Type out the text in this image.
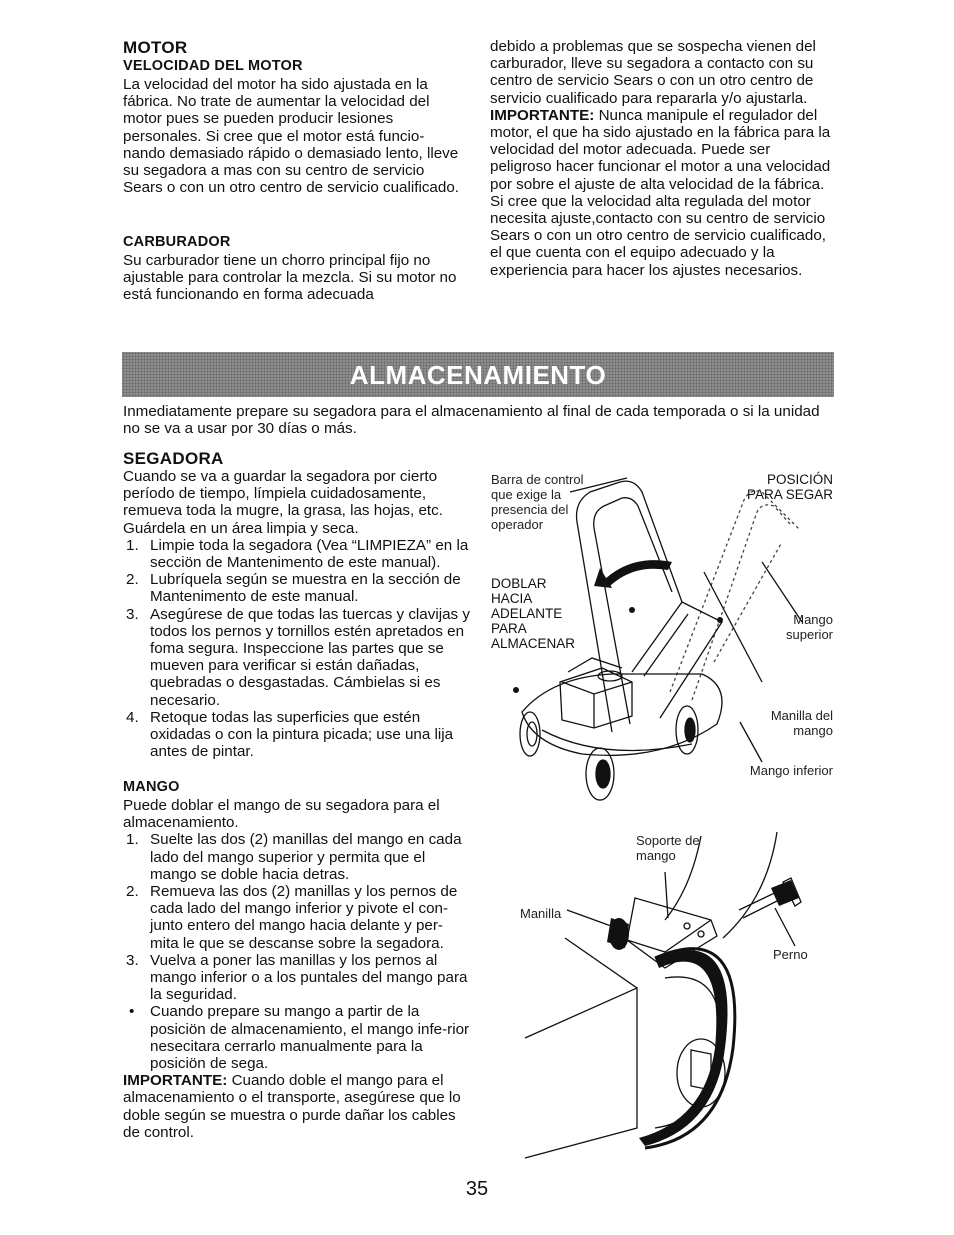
MOTOR
VELOCIDAD DEL MOTOR
La velocidad del motor ha sido ajustada en la fábrica. No trate de aumentar la velocidad del motor pues se pueden producir lesiones personales. Si cree que el motor está funcio-nando demasiado rápido o demasiado lento, lleve su segadora a mas con su centro de servicio Sears o con un otro centro de servicio cualificado.
CARBURADOR
Su carburador tiene un chorro principal fijo no ajustable para controlar la mezcla. Si su motor no está funcionando en forma adecuada
debido a problemas que se sospecha vienen del carburador, lleve su segadora a contacto con su centro de servicio Sears o con un otro centro de servicio cualificado para repararla y/o ajustarla.
IMPORTANTE: Nunca manipule el regulador del motor, el que ha sido ajustado en la fábrica para la velocidad del motor adecuada. Puede ser peligroso hacer funcionar el motor a una velocidad por sobre el ajuste de alta velocidad de la fábrica. Si cree que la velocidad alta regulada del motor necesita ajuste,contacto con su centro de servicio Sears o con un otro centro de servicio cualificado, el que cuenta con el equipo adecuado y la experiencia para hacer los ajustes necesarios.
ALMACENAMIENTO
Inmediatamente prepare su segadora para el almacenamiento al final de cada temporada o si la unidad no se va a usar por 30 días o más.
SEGADORA
Cuando se va a guardar la segadora por cierto período de tiempo, límpiela cuidadosamente, remueva toda la mugre, la grasa, las hojas, etc. Guárdela en un área limpia y seca.
1. Limpie toda la segadora (Vea “LIMPIEZA” en la secciön de Mantenimento de este manual).
2. Lubríquela según se muestra en la sección de Mantenimento de este manual.
3. Asegúrese de que todas las tuercas y clavijas y todos los pernos y tornillos estén apretados en foma segura. Inspeccione las partes que se mueven para verificar si están dañadas, quebradas o desgastadas. Cámbielas si es necesario.
4. Retoque todas las superficies que estén oxidadas o con la pintura picada; use una lija antes de pintar.
MANGO
Puede doblar el mango de su segadora para el almacenamiento.
1. Suelte las dos (2) manillas del mango en cada lado del mango superior y permita que el mango se doble hacia detras.
2. Remueva las dos (2) manillas y los pernos de cada lado del mango inferior y pivote el con-junto entero del mango hacia delante y per-mita le que se descanse sobre la segadora.
3. Vuelva a poner las manillas y los pernos al mango inferior o a los puntales del mango para la seguridad.
• Cuando prepare su mango a partir de la posiciön de almacenamiento, el mango infe-rior nesecitara cerrarlo manualmente para la posiciön de sega.
IMPORTANTE: Cuando doble el mango para el almacenamiento o el transporte, asegúrese que lo doble según se muestra o purde dañar los cables de control.
Barra de control que exige la presencia del operador
POSICIÓN PARA SEGAR
DOBLAR HACIA ADELANTE PARA ALMACENAR
Mango superior
Manilla del mango
Mango inferior
Soporte de mango
Manilla
Perno
35
